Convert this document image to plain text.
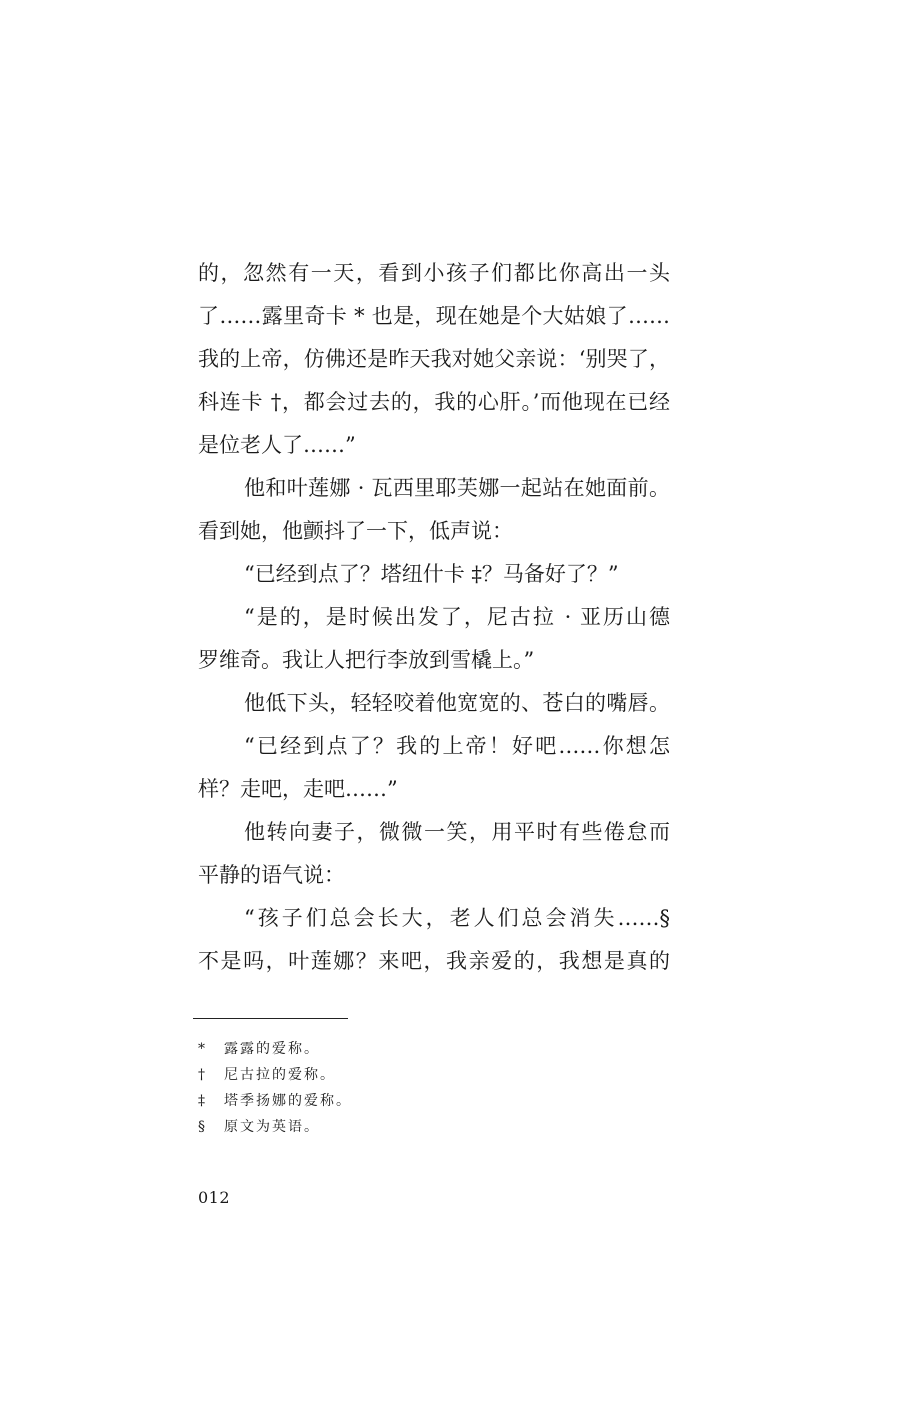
的，忽然有一天，看到小孩子们都比你高出一头
了……露里奇卡 * 也是，现在她是个大姑娘了……
我的上帝，仿佛还是昨天我对她父亲说：‘别哭了，
科连卡 †，都会过去的，我的心肝。’而他现在已经
是位老人了……”
他和叶莲娜 · 瓦西里耶芙娜一起站在她面前。
看到她，他颤抖了一下，低声说：
“已经到点了？塔纽什卡 ‡？马备好了？”
“是的，是时候出发了，尼古拉 · 亚历山德
罗维奇。我让人把行李放到雪橇上。”
他低下头，轻轻咬着他宽宽的、苍白的嘴唇。
“已经到点了？我的上帝！好吧……你想怎
样？走吧，走吧……”
他转向妻子，微微一笑，用平时有些倦怠而
平静的语气说：
“孩子们总会长大，老人们总会消失……§
不是吗，叶莲娜？来吧，我亲爱的，我想是真的
* 露露的爱称。
† 尼古拉的爱称。
‡ 塔季扬娜的爱称。
§ 原文为英语。
012
